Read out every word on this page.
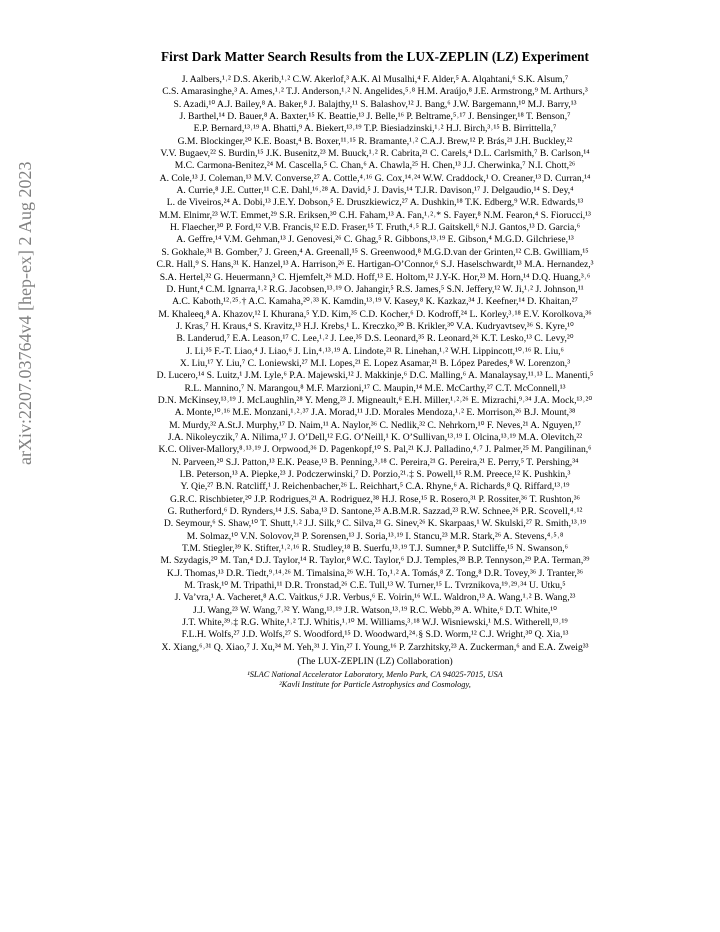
arXiv:2207.03764v4 [hep-ex] 2 Aug 2023
First Dark Matter Search Results from the LUX-ZEPLIN (LZ) Experiment
J. Aalbers,¹˒² D.S. Akerib,¹˒² C.W. Akerlof,³ A.K. Al Musalhi,⁴ F. Alder,⁵ A. Alqahtani,⁶ S.K. Alsum,⁷
C.S. Amarasinghe,³ A. Ames,¹˒² T.J. Anderson,¹˒² N. Angelides,⁵˒⁸ H.M. Araújo,⁸ J.E. Armstrong,⁹ M. Arthurs,³
S. Azadi,¹⁰ A.J. Bailey,⁸ A. Baker,⁸ J. Balajthy,¹¹ S. Balashov,¹² J. Bang,⁶ J.W. Bargemann,¹⁰ M.J. Barry,¹³
J. Barthel,¹⁴ D. Bauer,⁸ A. Baxter,¹⁵ K. Beattie,¹³ J. Belle,¹⁶ P. Beltrame,⁵˒¹⁷ J. Bensinger,¹⁸ T. Benson,⁷
E.P. Bernard,¹³˒¹⁹ A. Bhatti,⁹ A. Biekert,¹³˒¹⁹ T.P. Biesiadzinski,¹˒² H.J. Birch,³˒¹⁵ B. Birrittella,⁷
G.M. Blockinger,²⁰ K.E. Boast,⁴ B. Boxer,¹¹˒¹⁵ R. Bramante,¹˒² C.A.J. Brew,¹² P. Brás,²¹ J.H. Buckley,²²
V.V. Bugaev,²² S. Burdin,¹⁵ J.K. Busenitz,²³ M. Buuck,¹˒² R. Cabrita,²¹ C. Carels,⁴ D.L. Carlsmith,⁷ B. Carlson,¹⁴
M.C. Carmona-Benitez,²⁴ M. Cascella,⁵ C. Chan,⁶ A. Chawla,²⁵ H. Chen,¹³ J.J. Cherwinka,⁷ N.I. Chott,²⁶
A. Cole,¹³ J. Coleman,¹³ M.V. Converse,²⁷ A. Cottle,⁴˒¹⁶ G. Cox,¹⁴˒²⁴ W.W. Craddock,¹ O. Creaner,¹³ D. Curran,¹⁴
A. Currie,⁸ J.E. Cutter,¹¹ C.E. Dahl,¹⁶˒²⁸ A. David,⁵ J. Davis,¹⁴ T.J.R. Davison,¹⁷ J. Delgaudio,¹⁴ S. Dey,⁴
L. de Viveiros,²⁴ A. Dobi,¹³ J.E.Y. Dobson,⁵ E. Druszkiewicz,²⁷ A. Dushkin,¹⁸ T.K. Edberg,⁹ W.R. Edwards,¹³
M.M. Elnimr,²³ W.T. Emmet,²⁹ S.R. Eriksen,³⁰ C.H. Faham,¹³ A. Fan,¹˒²˒* S. Fayer,⁸ N.M. Fearon,⁴ S. Fiorucci,¹³
H. Flaecher,³⁰ P. Ford,¹² V.B. Francis,¹² E.D. Fraser,¹⁵ T. Fruth,⁴˒⁵ R.J. Gaitskell,⁶ N.J. Gantos,¹³ D. Garcia,⁶
A. Geffre,¹⁴ V.M. Gehman,¹³ J. Genovesi,²⁶ C. Ghag,⁵ R. Gibbons,¹³˒¹⁹ E. Gibson,⁴ M.G.D. Gilchriese,¹³
S. Gokhale,³¹ B. Gomber,⁷ J. Green,⁴ A. Greenall,¹⁵ S. Greenwood,⁸ M.G.D.van der Grinten,¹² C.B. Gwilliam,¹⁵
C.R. Hall,⁹ S. Hans,³¹ K. Hanzel,¹³ A. Harrison,²⁶ E. Hartigan-O’Connor,⁶ S.J. Haselschwardt,¹³ M.A. Hernandez,³
S.A. Hertel,³² G. Heuermann,³ C. Hjemfelt,²⁶ M.D. Hoff,¹³ E. Holtom,¹² J.Y-K. Hor,²³ M. Horn,¹⁴ D.Q. Huang,³˒⁶
D. Hunt,⁴ C.M. Ignarra,¹˒² R.G. Jacobsen,¹³˒¹⁹ O. Jahangir,⁵ R.S. James,⁵ S.N. Jeffery,¹² W. Ji,¹˒² J. Johnson,¹¹
A.C. Kaboth,¹²˒²⁵˒† A.C. Kamaha,²⁰˒³³ K. Kamdin,¹³˒¹⁹ V. Kasey,⁸ K. Kazkaz,³⁴ J. Keefner,¹⁴ D. Khaitan,²⁷
M. Khaleeq,⁸ A. Khazov,¹² I. Khurana,⁵ Y.D. Kim,³⁵ C.D. Kocher,⁶ D. Kodroff,²⁴ L. Korley,³˒¹⁸ E.V. Korolkova,³⁶
J. Kras,⁷ H. Kraus,⁴ S. Kravitz,¹³ H.J. Krebs,¹ L. Kreczko,³⁰ B. Krikler,³⁰ V.A. Kudryavtsev,³⁶ S. Kyre,¹⁰
B. Landerud,⁷ E.A. Leason,¹⁷ C. Lee,¹˒² J. Lee,³⁵ D.S. Leonard,³⁵ R. Leonard,²⁶ K.T. Lesko,¹³ C. Levy,²⁰
J. Li,³⁵ F.-T. Liao,⁴ J. Liao,⁶ J. Lin,⁴˒¹³˒¹⁹ A. Lindote,²¹ R. Linehan,¹˒² W.H. Lippincott,¹⁰˒¹⁶ R. Liu,⁶
X. Liu,¹⁷ Y. Liu,⁷ C. Loniewski,²⁷ M.I. Lopes,²¹ E. Lopez Asamar,²¹ B. López Paredes,⁸ W. Lorenzon,³
D. Lucero,¹⁴ S. Luitz,¹ J.M. Lyle,⁶ P.A. Majewski,¹² J. Makkinje,⁶ D.C. Malling,⁶ A. Manalaysay,¹¹˒¹³ L. Manenti,⁵
R.L. Mannino,⁷ N. Marangou,⁸ M.F. Marzioni,¹⁷ C. Maupin,¹⁴ M.E. McCarthy,²⁷ C.T. McConnell,¹³
D.N. McKinsey,¹³˒¹⁹ J. McLaughlin,²⁸ Y. Meng,²³ J. Migneault,⁶ E.H. Miller,¹˒²˒²⁶ E. Mizrachi,⁹˒³⁴ J.A. Mock,¹³˒²⁰
A. Monte,¹⁰˒¹⁶ M.E. Monzani,¹˒²˒³⁷ J.A. Morad,¹¹ J.D. Morales Mendoza,¹˒² E. Morrison,²⁶ B.J. Mount,³⁸
M. Murdy,³² A.St.J. Murphy,¹⁷ D. Naim,¹¹ A. Naylor,³⁶ C. Nedlik,³² C. Nehrkorn,¹⁰ F. Neves,²¹ A. Nguyen,¹⁷
J.A. Nikoleyczik,⁷ A. Nilima,¹⁷ J. O’Dell,¹² F.G. O’Neill,¹ K. O’Sullivan,¹³˒¹⁹ I. Olcina,¹³˒¹⁹ M.A. Olevitch,²²
K.C. Oliver-Mallory,⁸˒¹³˒¹⁹ J. Orpwood,³⁶ D. Pagenkopf,¹⁰ S. Pal,²¹ K.J. Palladino,⁴˒⁷ J. Palmer,²⁵ M. Pangilinan,⁶
N. Parveen,²⁰ S.J. Patton,¹³ E.K. Pease,¹³ B. Penning,³˒¹⁸ C. Pereira,²¹ G. Pereira,²¹ E. Perry,⁵ T. Pershing,³⁴
I.B. Peterson,¹³ A. Piepke,²³ J. Podczerwinski,⁷ D. Porzio,²¹˒‡ S. Powell,¹⁵ R.M. Preece,¹² K. Pushkin,³
Y. Qie,²⁷ B.N. Ratcliff,¹ J. Reichenbacher,²⁶ L. Reichhart,⁵ C.A. Rhyne,⁶ A. Richards,⁸ Q. Riffard,¹³˒¹⁹
G.R.C. Rischbieter,²⁰ J.P. Rodrigues,²¹ A. Rodriguez,³⁸ H.J. Rose,¹⁵ R. Rosero,³¹ P. Rossiter,³⁶ T. Rushton,³⁶
G. Rutherford,⁶ D. Rynders,¹⁴ J.S. Saba,¹³ D. Santone,²⁵ A.B.M.R. Sazzad,²³ R.W. Schnee,²⁶ P.R. Scovell,⁴˒¹²
D. Seymour,⁶ S. Shaw,¹⁰ T. Shutt,¹˒² J.J. Silk,⁹ C. Silva,²¹ G. Sinev,²⁶ K. Skarpaas,¹ W. Skulski,²⁷ R. Smith,¹³˒¹⁹
M. Solmaz,¹⁰ V.N. Solovov,²¹ P. Sorensen,¹³ J. Soria,¹³˒¹⁹ I. Stancu,²³ M.R. Stark,²⁶ A. Stevens,⁴˒⁵˒⁸
T.M. Stiegler,³⁹ K. Stifter,¹˒²˒¹⁶ R. Studley,¹⁸ B. Suerfu,¹³˒¹⁹ T.J. Sumner,⁸ P. Sutcliffe,¹⁵ N. Swanson,⁶
M. Szydagis,²⁰ M. Tan,⁴ D.J. Taylor,¹⁴ R. Taylor,⁸ W.C. Taylor,⁶ D.J. Temples,²⁸ B.P. Tennyson,²⁹ P.A. Terman,³⁹
K.J. Thomas,¹³ D.R. Tiedt,⁹˒¹⁴˒²⁶ M. Timalsina,²⁶ W.H. To,¹˒² A. Tomás,⁸ Z. Tong,⁸ D.R. Tovey,³⁶ J. Tranter,³⁶
M. Trask,¹⁰ M. Tripathi,¹¹ D.R. Tronstad,²⁶ C.E. Tull,¹³ W. Turner,¹⁵ L. Tvrznikova,¹⁹˒²⁹˒³⁴ U. Utku,⁵
J. Va’vra,¹ A. Vacheret,⁸ A.C. Vaitkus,⁶ J.R. Verbus,⁶ E. Voirin,¹⁶ W.L. Waldron,¹³ A. Wang,¹˒² B. Wang,²³
J.J. Wang,²³ W. Wang,⁷˒³² Y. Wang,¹³˒¹⁹ J.R. Watson,¹³˒¹⁹ R.C. Webb,³⁹ A. White,⁶ D.T. White,¹⁰
J.T. White,³⁹˒‡ R.G. White,¹˒² T.J. Whitis,¹˒¹⁰ M. Williams,³˒¹⁸ W.J. Wisniewski,¹ M.S. Witherell,¹³˒¹⁹
F.L.H. Wolfs,²⁷ J.D. Wolfs,²⁷ S. Woodford,¹⁵ D. Woodward,²⁴˒§ S.D. Worm,¹² C.J. Wright,³⁰ Q. Xia,¹³
X. Xiang,⁶˒³¹ Q. Xiao,⁷ J. Xu,³⁴ M. Yeh,³¹ J. Yin,²⁷ I. Young,¹⁶ P. Zarzhitsky,²³ A. Zuckerman,⁶ and E.A. Zweig³³
(The LUX-ZEPLIN (LZ) Collaboration)
¹SLAC National Accelerator Laboratory, Menlo Park, CA 94025-7015, USA
²Kavli Institute for Particle Astrophysics and Cosmology,
